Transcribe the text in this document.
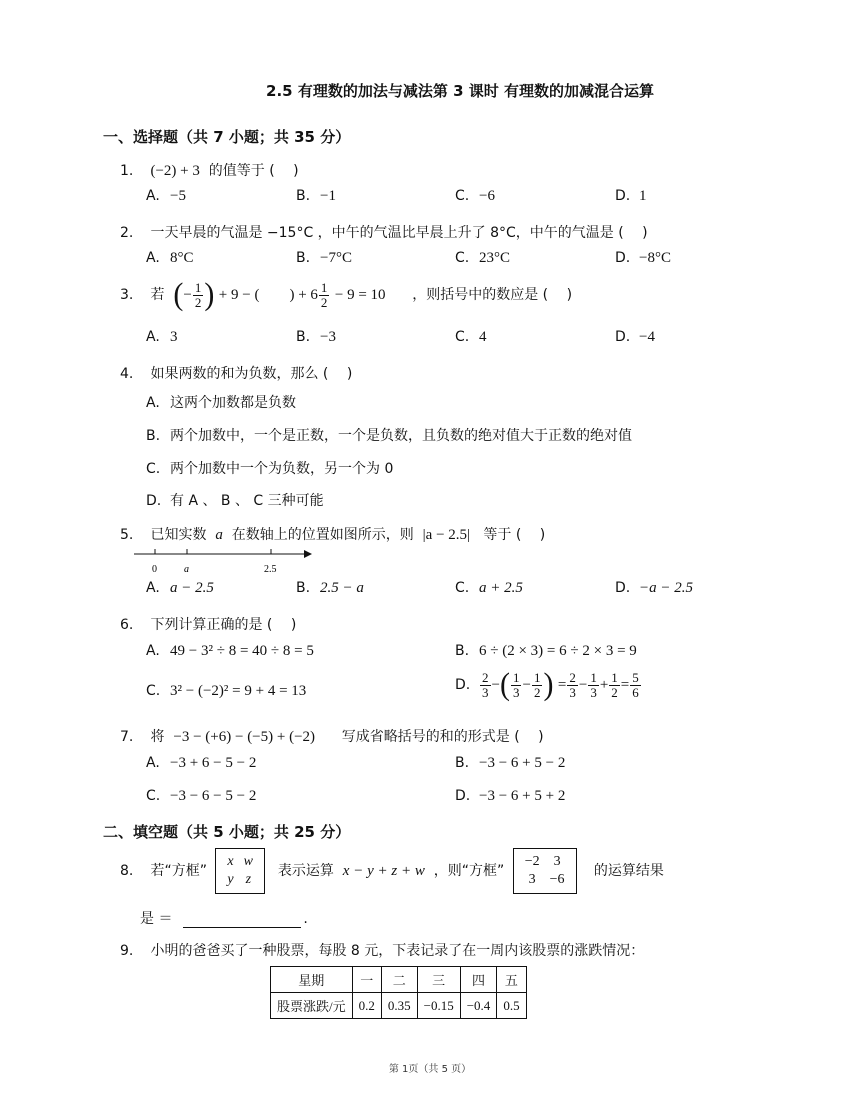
2.5 有理数的加法与减法第 3 课时 有理数的加减混合运算
一、选择题（共 7 小题；共 35 分）
1. (−2) + 3 的值等于 (　 )
A. −5	B. −1	C. −6	D. 1
2. 一天早晨的气温是 −15°C ，中午的气温比早晨上升了 8°C，中午的气温是 (　 )
A. 8°C	B. −7°C	C. 23°C	D. −8°C
3. 若 (− $\frac{1}{2}$ ) + 9 − (　　) + $6 \frac{1}{2} - 9 = 10$ ，则括号中的数应是 (　 )
A. 3	B. −3	C. 4	D. −4
4. 如果两数的和为负数，那么 (　 )
A. 这两个加数都是负数
B. 两个加数中，一个是正数，一个是负数，且负数的绝对值大于正数的绝对值
C. 两个加数中一个为负数，另一个为 0
D. 有 A 、 B 、 C 三种可能
5. 已知实数 a 在数轴上的位置如图所示，则 |a − 2.5| 等于 (　 )
0	a	2.5
A. a − 2.5	B. 2.5 − a	C. a + 2.5	D. −a − 2.5
6. 下列计算正确的是 (　 )
A. 49 − 3² ÷ 8 = 40 ÷ 8 = 5	B. 6 ÷ (2 × 3) = 6 ÷ 2 × 3 = 9
C. 3² − (−2)² = 9 + 4 = 13	D. $\frac{2}{3}$ −( $\frac{1}{3} - \frac{1}{2}$ ) = $\frac{2}{3} - \frac{1}{3} + \frac{1}{2} = \frac{5}{6}$
7. 将 −3 − (+6) − (−5) + (−2) 写成省略括号的和的形式是 (　 )
A. −3 + 6 − 5 − 2	B. −3 − 6 + 5 − 2
C. −3 − 6 − 5 − 2	D. −3 − 6 + 5 + 2
二、填空题（共 5 小题；共 25 分）
8. 若“方框”
x	w
y	z
表示运算 x − y + z + w ，则“方框”
−2	3
3	−6
的运算结果
是 ＝	.
9. 小明的爸爸买了一种股票，每股 8 元，下表记录了在一周内该股票的涨跌情况：
星期	一	二	三	四	五
股票涨跌/元	0.2	0.35	−0.15	−0.4	0.5
第 1页（共 5 页）
